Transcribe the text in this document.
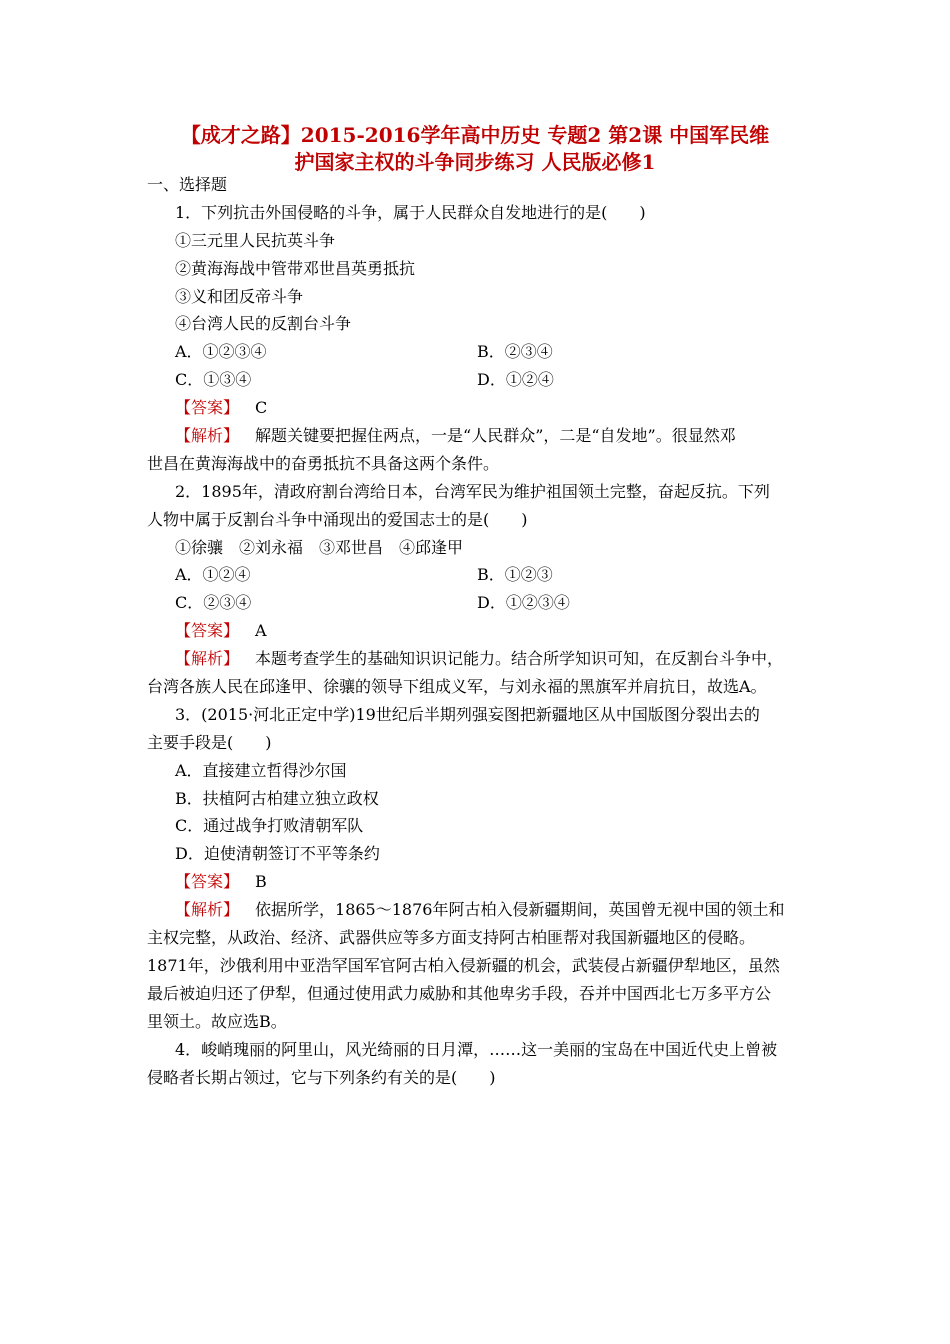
【成才之路】2015-2016学年高中历史 专题2 第2课 中国军民维
护国家主权的斗争同步练习 人民版必修1
一、选择题
1．下列抗击外国侵略的斗争，属于人民群众自发地进行的是(　　)
①三元里人民抗英斗争
②黄海海战中管带邓世昌英勇抵抗
③义和团反帝斗争
④台湾人民的反割台斗争
A．①②③④	B．②③④
C．①③④	D．①②④
【答案】 C
【解析】 解题关键要把握住两点，一是“人民群众”，二是“自发地”。很显然邓
世昌在黄海海战中的奋勇抵抗不具备这两个条件。
2．1895年，清政府割台湾给日本，台湾军民为维护祖国领土完整，奋起反抗。下列
人物中属于反割台斗争中涌现出的爱国志士的是(　　)
①徐骧　②刘永福　③邓世昌　④邱逢甲
A．①②④	B．①②③
C．②③④	D．①②③④
【答案】 A
【解析】 本题考查学生的基础知识识记能力。结合所学知识可知，在反割台斗争中，
台湾各族人民在邱逢甲、徐骧的领导下组成义军，与刘永福的黑旗军并肩抗日，故选A。
3．(2015·河北正定中学)19世纪后半期列强妄图把新疆地区从中国版图分裂出去的
主要手段是(　　)
A．直接建立哲得沙尔国
B．扶植阿古柏建立独立政权
C．通过战争打败清朝军队
D．迫使清朝签订不平等条约
【答案】 B
【解析】 依据所学，1865～1876年阿古柏入侵新疆期间，英国曾无视中国的领土和
主权完整，从政治、经济、武器供应等多方面支持阿古柏匪帮对我国新疆地区的侵略。
1871年，沙俄利用中亚浩罕国军官阿古柏入侵新疆的机会，武装侵占新疆伊犁地区，虽然
最后被迫归还了伊犁，但通过使用武力威胁和其他卑劣手段，吞并中国西北七万多平方公
里领土。故应选B。
4．峻峭瑰丽的阿里山，风光绮丽的日月潭，……这一美丽的宝岛在中国近代史上曾被
侵略者长期占领过，它与下列条约有关的是(　　)
